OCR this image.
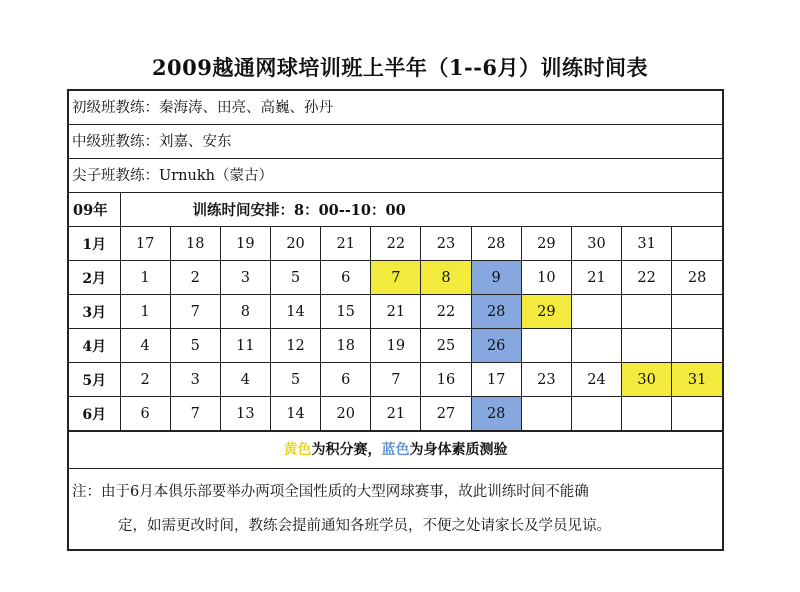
2009越通网球培训班上半年（1--6月）训练时间表
初级班教练：秦海涛、田亮、高巍、孙丹
中级班教练：刘嘉、安东
尖子班教练：Urnukh（蒙古）
09年	训练时间安排：8：00--10：00											
1月	17	18	19	20	21	22	23	28	29	30	31	
2月	1	2	3	5	6	7	8	9	10	21	22	28
3月	1	7	8	14	15	21	22	28	29			
4月	4	5	11	12	18	19	25	26				
5月	2	3	4	5	6	7	16	17	23	24	30	31
6月	6	7	13	14	20	21	27	28				
黄色为积分赛，蓝色为身体素质测验
注：由于6月本俱乐部要举办两项全国性质的大型网球赛事，故此训练时间不能确
定，如需更改时间，教练会提前通知各班学员，不便之处请家长及学员见谅。
